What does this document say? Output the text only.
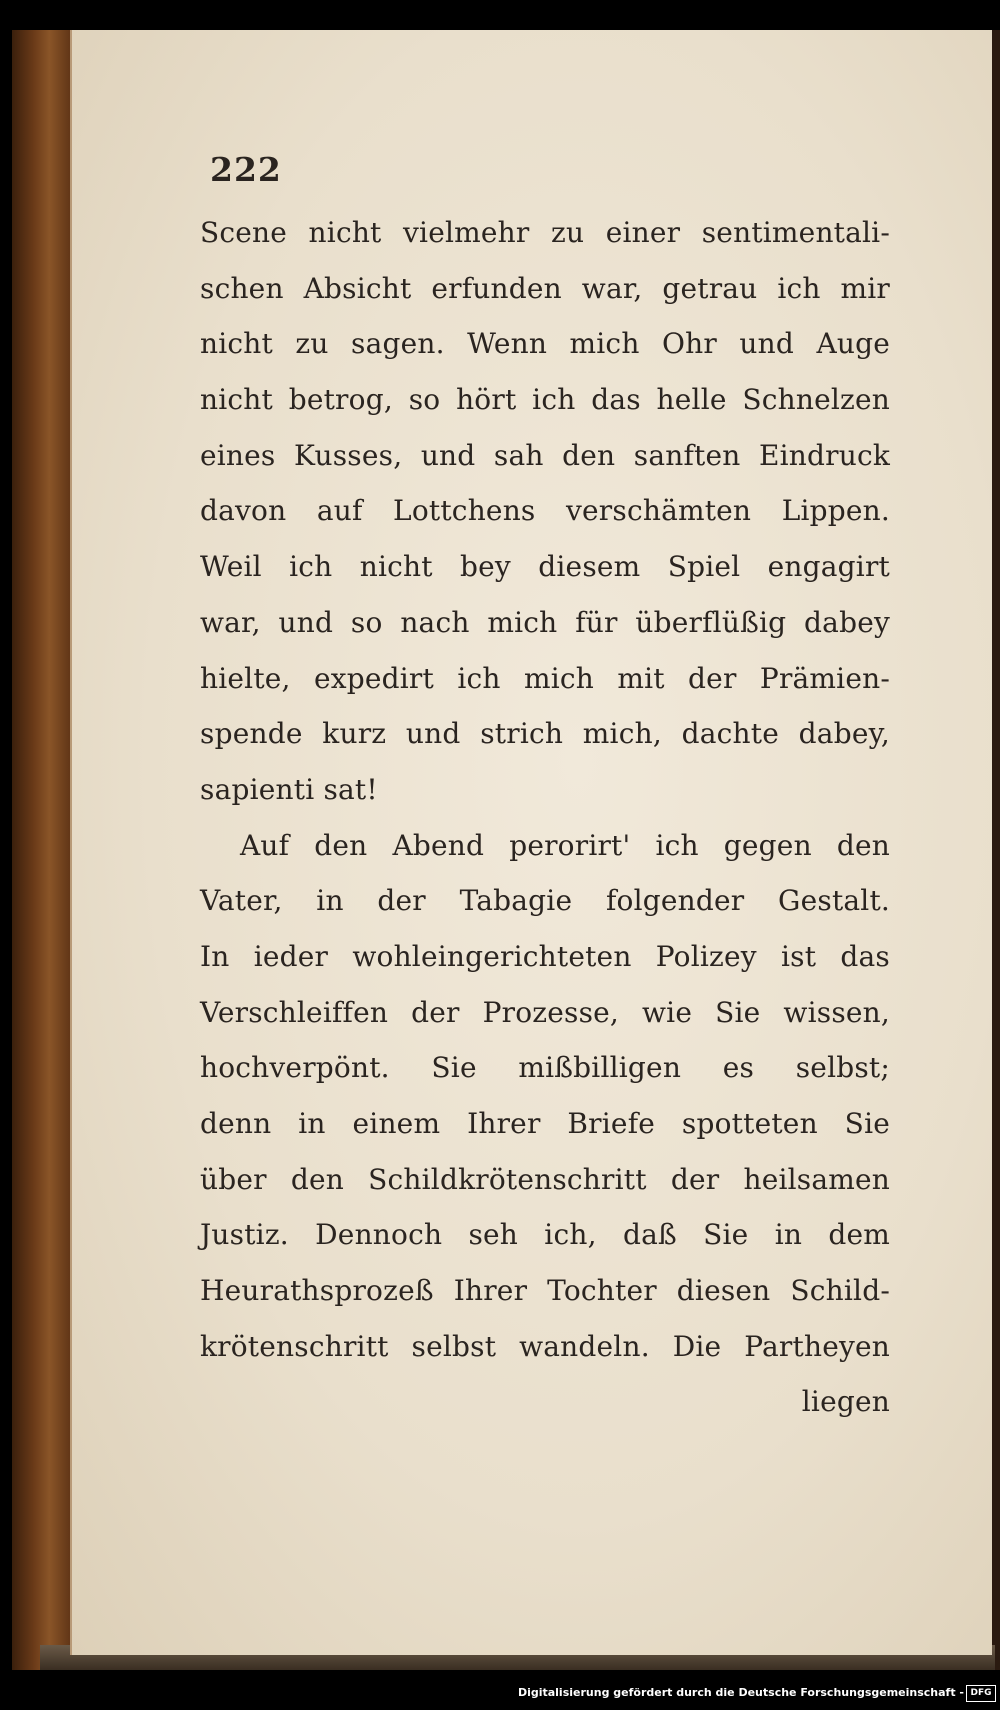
222
Scene nicht vielmehr zu einer sentimentali-
schen Absicht erfunden war, getrau ich mir
nicht zu sagen. Wenn mich Ohr und Auge
nicht betrog, so hört ich das helle Schnelzen
eines Kusses, und sah den sanften Eindruck
davon auf Lottchens verschämten Lippen.
Weil ich nicht bey diesem Spiel engagirt
war, und so nach mich für überflüßig dabey
hielte, expedirt ich mich mit der Prämien-
spende kurz und strich mich, dachte dabey,
sapienti sat!
Auf den Abend perorirt' ich gegen den
Vater, in der Tabagie folgender Gestalt.
In ieder wohleingerichteten Polizey ist das
Verschleiffen der Prozesse, wie Sie wissen,
hochverpönt. Sie mißbilligen es selbst;
denn in einem Ihrer Briefe spotteten Sie
über den Schildkrötenschritt der heilsamen
Justiz. Dennoch seh ich, daß Sie in dem
Heurathsprozeß Ihrer Tochter diesen Schild-
krötenschritt selbst wandeln. Die Partheyen
liegen
Digitalisierung gefördert durch die Deutsche Forschungsgemeinschaft - DFG
